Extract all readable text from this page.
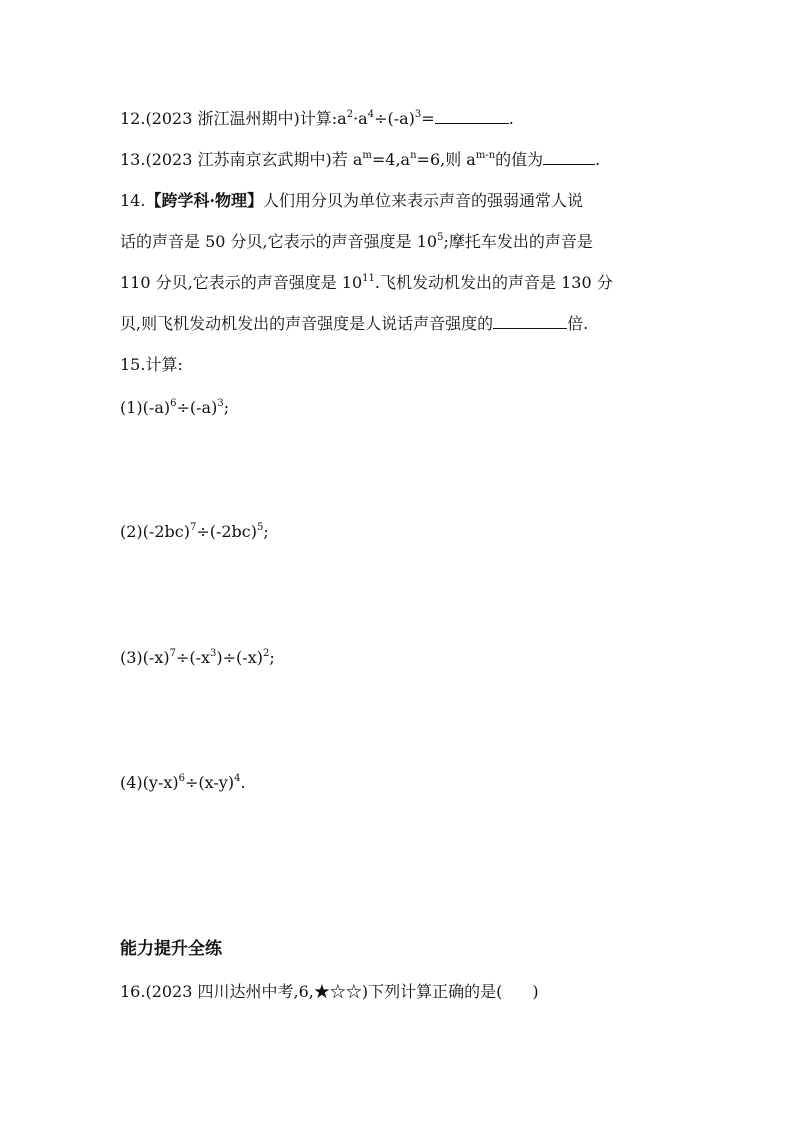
12.(2023 浙江温州期中)计算$:a^2\cdot a^4\div(-a)^3=$	.
13.(2023 江苏南京玄武期中)若 $a^m=4,a^n=6$,则 $a^{m-n}$的值为	.
14.【跨学科·物理】人们用分贝为单位来表示声音的强弱通常人说
话的声音是 50 分贝,它表示的声音强度是 $10^5$;摩托车发出的声音是
110 分贝,它表示的声音强度是 $10^{11}$.飞机发动机发出的声音是 130 分
贝,则飞机发动机发出的声音强度是人说话声音强度的	倍.
15.计算:
$(1)(-a)^6\div(-a)^3$;
$(2)(-2bc)^7\div(-2bc)^5$;
$(3)(-x)^7\div(-x^3)\div(-x)^2$;
$(4)(y-x)^6\div(x-y)^4$.
能力提升全练
16.(2023 四川达州中考,6,★☆☆)下列计算正确的是( )
